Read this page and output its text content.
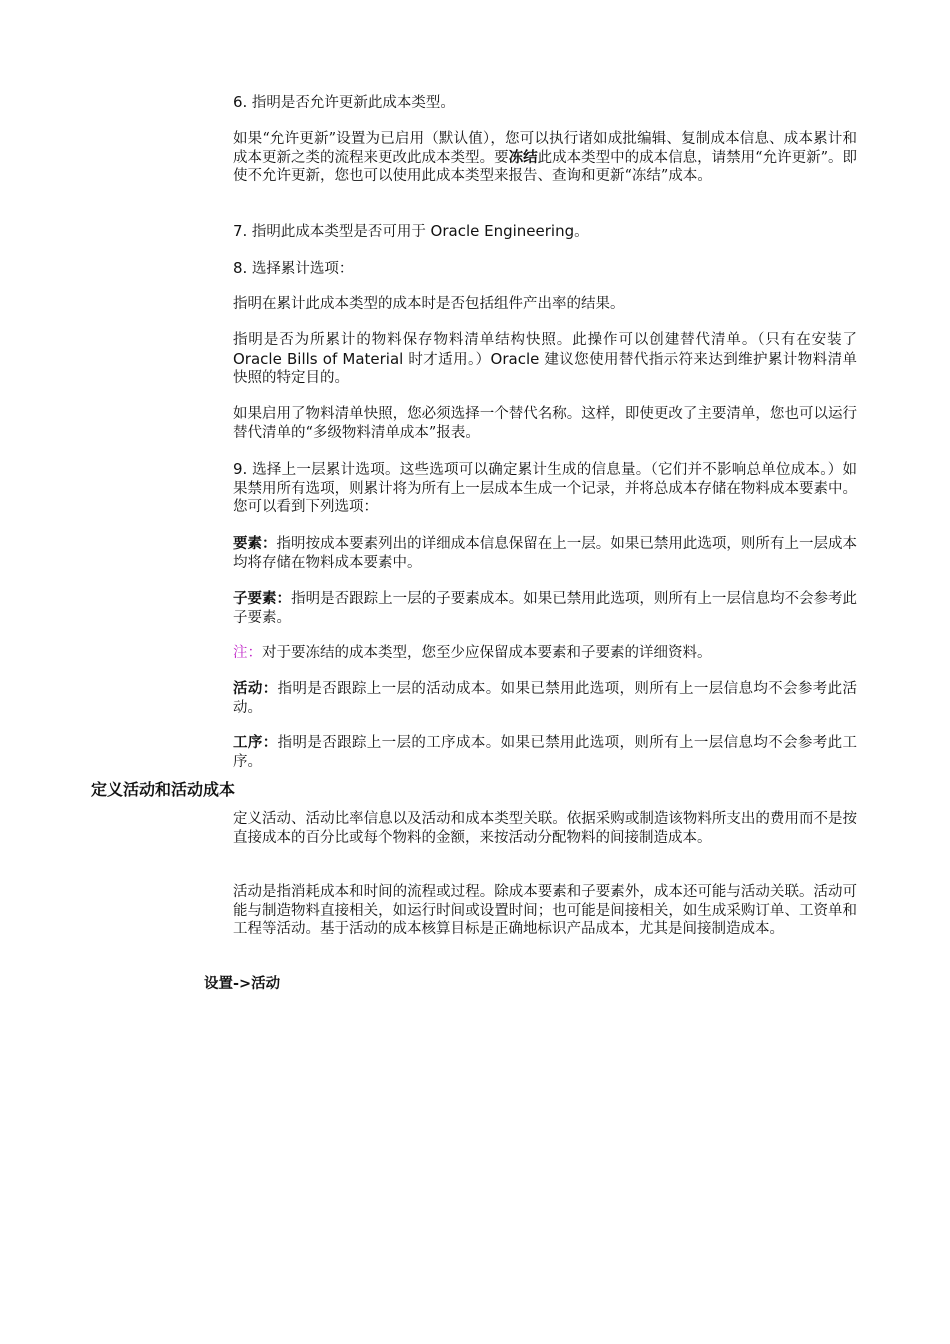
6. 指明是否允许更新此成本类型。

如果“允许更新”设置为已启用（默认值），您可以执行诸如成批编辑、复制成本信息、成本累计和成本更新之类的流程来更改此成本类型。要冻结此成本类型中的成本信息，请禁用“允许更新”。即使不允许更新，您也可以使用此成本类型来报告、查询和更新“冻结”成本。

7. 指明此成本类型是否可用于 Oracle Engineering。

8. 选择累计选项：

指明在累计此成本类型的成本时是否包括组件产出率的结果。

指明是否为所累计的物料保存物料清单结构快照。此操作可以创建替代清单。（只有在安装了 Oracle Bills of Material 时才适用。）Oracle 建议您使用替代指示符来达到维护累计物料清单快照的特定目的。

如果启用了物料清单快照，您必须选择一个替代名称。这样，即使更改了主要清单，您也可以运行替代清单的“多级物料清单成本”报表。

9. 选择上一层累计选项。这些选项可以确定累计生成的信息量。（它们并不影响总单位成本。）如果禁用所有选项，则累计将为所有上一层成本生成一个记录，并将总成本存储在物料成本要素中。您可以看到下列选项：

要素：指明按成本要素列出的详细成本信息保留在上一层。如果已禁用此选项，则所有上一层成本均将存储在物料成本要素中。

子要素：指明是否跟踪上一层的子要素成本。如果已禁用此选项，则所有上一层信息均不会参考此子要素。

注：对于要冻结的成本类型，您至少应保留成本要素和子要素的详细资料。

活动：指明是否跟踪上一层的活动成本。如果已禁用此选项，则所有上一层信息均不会参考此活动。

工序：指明是否跟踪上一层的工序成本。如果已禁用此选项，则所有上一层信息均不会参考此工序。

定义活动和活动成本

定义活动、活动比率信息以及活动和成本类型关联。依据采购或制造该物料所支出的费用而不是按直接成本的百分比或每个物料的金额，来按活动分配物料的间接制造成本。

活动是指消耗成本和时间的流程或过程。除成本要素和子要素外，成本还可能与活动关联。活动可能与制造物料直接相关，如运行时间或设置时间；也可能是间接相关，如生成采购订单、工资单和工程等活动。基于活动的成本核算目标是正确地标识产品成本，尤其是间接制造成本。

设置->活动
